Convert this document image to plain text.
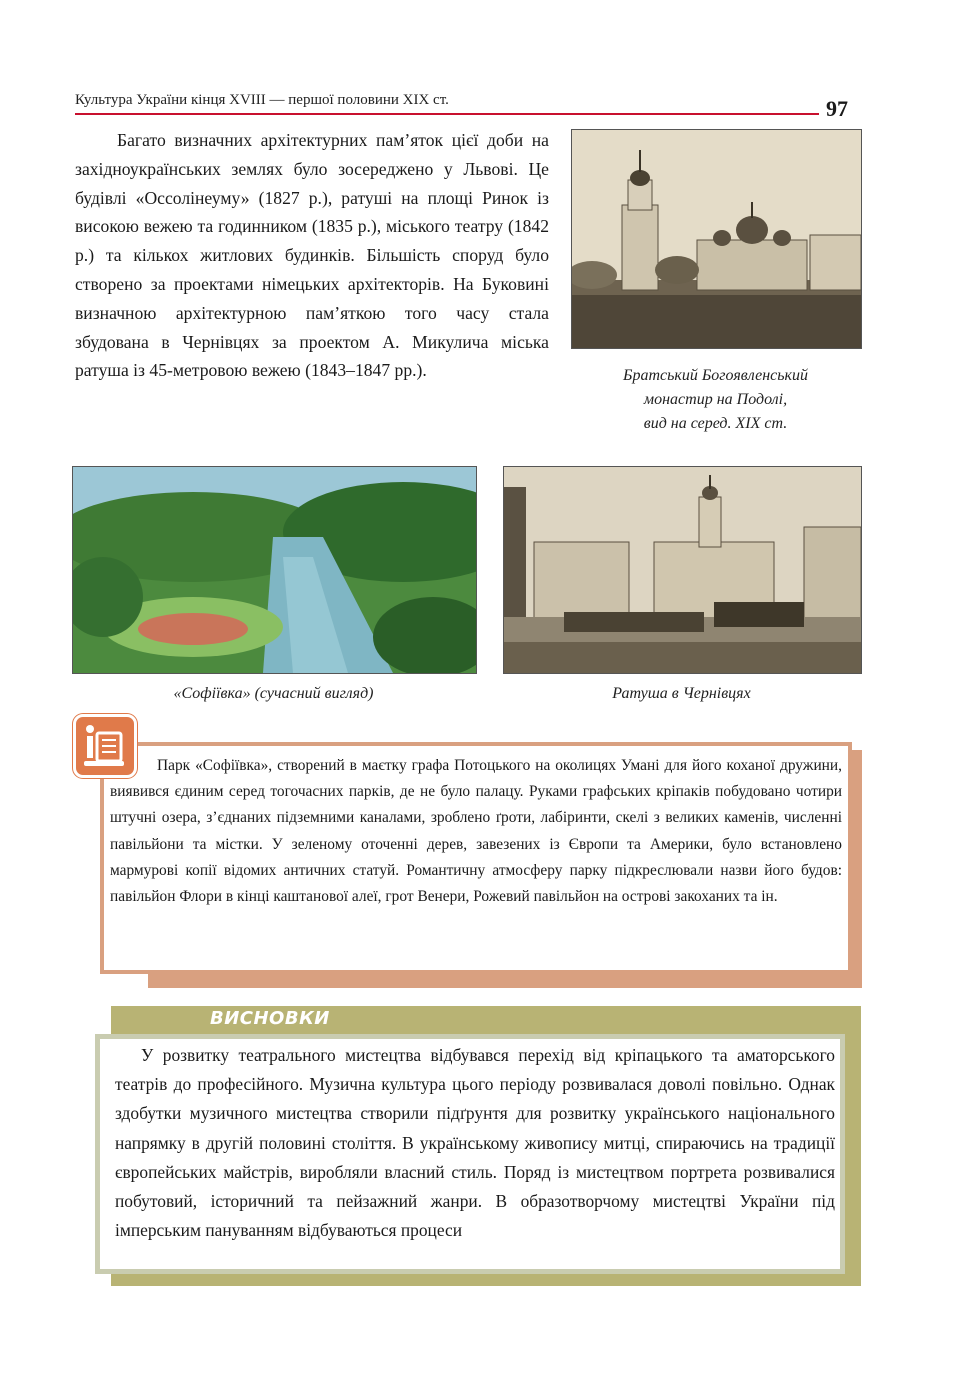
Культура України кінця XVIII — першої половини XIX ст.	97

Багато визначних архітектурних пам’яток цієї доби на західноукраїнських землях було зосереджено у Львові. Це будівлі «Оссолінеуму» (1827 р.), ратуші на площі Ринок із високою вежею та годинником (1835 р.), міського театру (1842 р.) та кількох житлових будинків. Більшість споруд було створено за проектами німецьких архітекторів. На Буковині визначною архітектурною пам’яткою того часу стала збудована в Чернівцях за проектом А. Микулича міська ратуша із 45-метровою вежею (1843–1847 рр.).	Братський Богоявленський
монастир на Подолі,
вид на серед. XIX ст.
«Софіївка» (сучасний вигляд)	Ратуша в Чернівцях

Парк «Софіївка», створений в маєтку графа Потоцького на околицях Умані для його коханої дружини, виявився єдиним серед тогочасних парків, де не було палацу. Руками графських кріпаків побудовано чотири штучні озера, з’єднаних підземними каналами, зроблено ґроти, лабіринти, скелі з великих каменів, численні павільйони та містки. У зеленому оточенні дерев, завезених із Європи та Америки, було встановлено мармурові копії відомих античних статуй. Романтичну атмосферу парку підкреслювали назви його будов: павільйон Флори в кінці каштанової алеї, грот Венери, Рожевий павільйон на острові закоханих та ін.

ВИСНОВКИ

У розвитку театрального мистецтва відбувався перехід від кріпацького та аматорського театрів до професійного. Музична культура цього періоду розвивалася доволі повільно. Однак здобутки музичного мистецтва створили підґрунтя для розвитку українського національного напрямку в другій половині століття. В українському живопису митці, спираючись на традиції європейських майстрів, виробляли власний стиль. Поряд із мистецтвом портрета розвивалися побутовий, історичний та пейзажний жанри. В образотворчому мистецтві України під імперським пануванням відбуваються процеси
